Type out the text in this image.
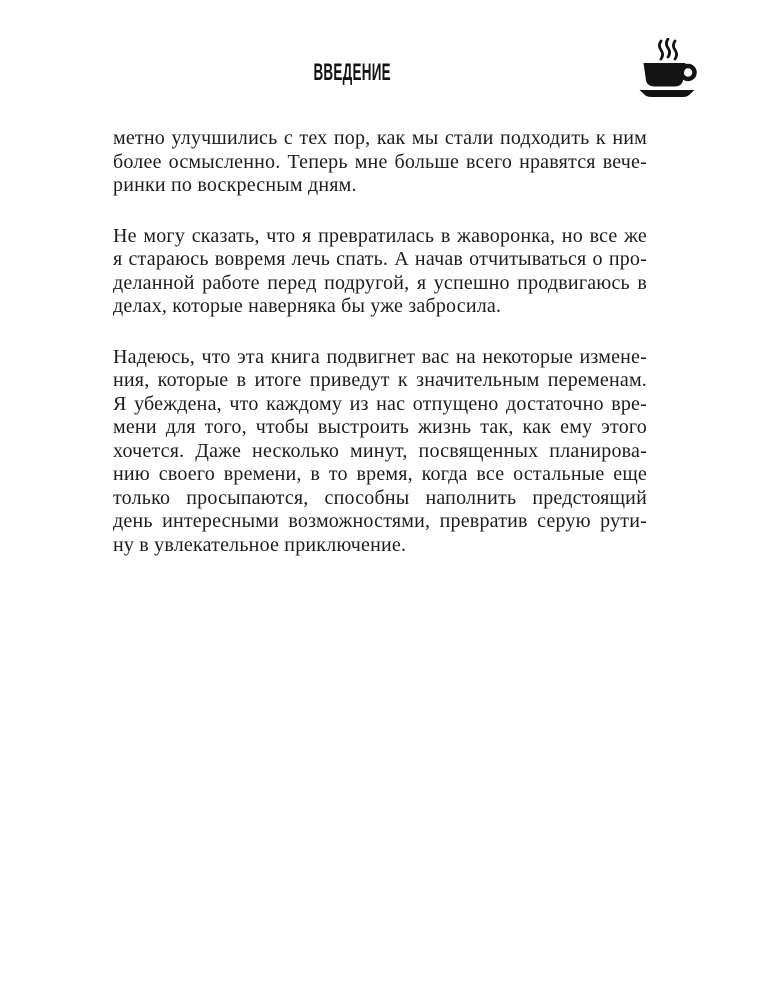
ВВЕДЕНИЕ
метно улучшились с тех пор, как мы стали подходить к ним
более осмысленно. Теперь мне больше всего нравятся вече-
ринки по воскресным дням.
Не могу сказать, что я превратилась в жаворонка, но все же
я стараюсь вовремя лечь спать. А начав отчитываться о про-
деланной работе перед подругой, я успешно продвигаюсь в
делах, которые наверняка бы уже забросила.
Надеюсь, что эта книга подвигнет вас на некоторые измене-
ния, которые в итоге приведут к значительным переменам.
Я убеждена, что каждому из нас отпущено достаточно вре-
мени для того, чтобы выстроить жизнь так, как ему этого
хочется. Даже несколько минут, посвященных планирова-
нию своего времени, в то время, когда все остальные еще
только просыпаются, способны наполнить предстоящий
день интересными возможностями, превратив серую рути-
ну в увлекательное приключение.
